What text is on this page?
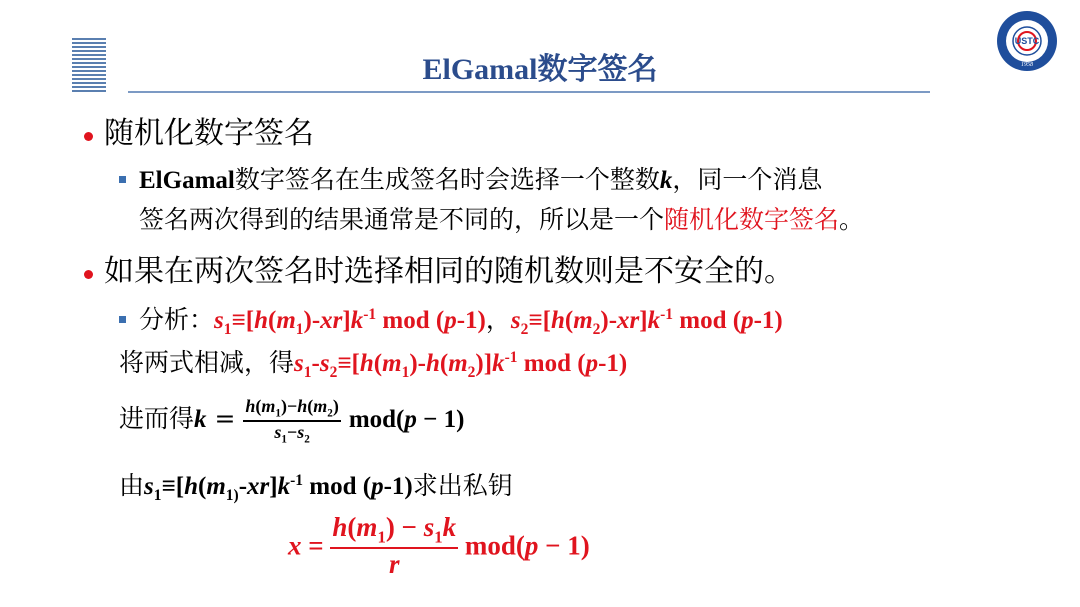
ElGamal数字签名
USTC
1958
随机化数字签名
ElGamal数字签名在生成签名时会选择一个整数k，同一个消息
签名两次得到的结果通常是不同的，所以是一个随机化数字签名。
如果在两次签名时选择相同的随机数则是不安全的。
分析：$s_1\equiv[h(m_1)-xr]k^{-1}$ mod (p-1)，$s_2\equiv[h(m_2)-xr]k^{-1}$ mod (p-1)
将两式相减，得$s_1-s_2\equiv[h(m_1)-h(m_2)]k^{-1}$ mod (p-1)
进而得$k = \frac{h(m_1)-h(m_2)}{s_1-s_2} mod(p - 1)$
由$s_1\equiv[h(m_{1)}-xr]k^{-1}$ mod (p-1)求出私钥
$x = \frac{h(m_1) - s_1k}{r} mod(p - 1)$
